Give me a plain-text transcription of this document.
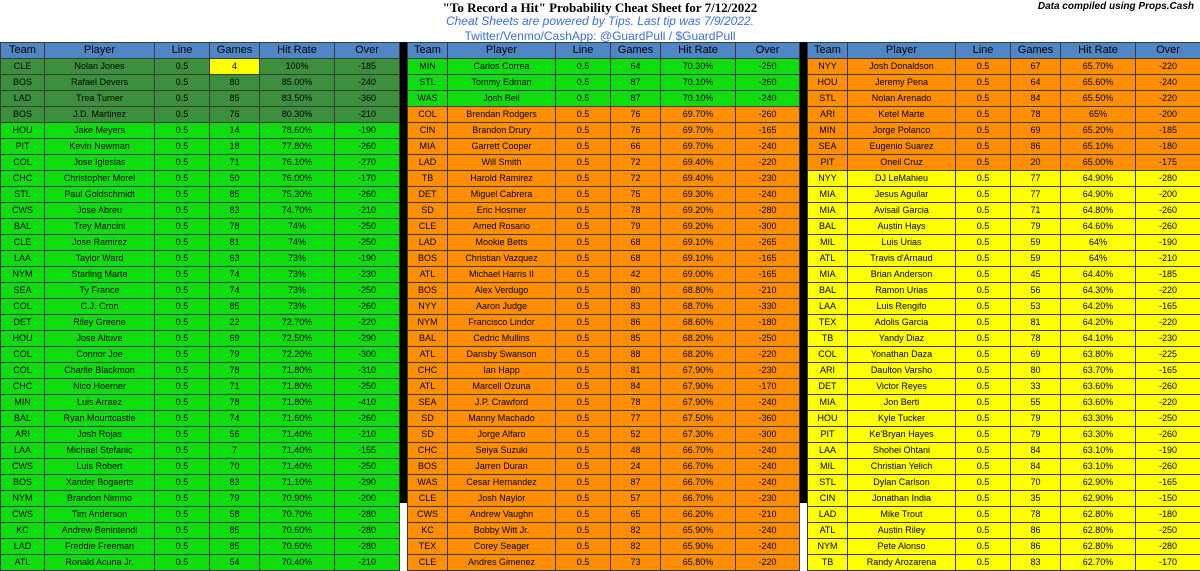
"To Record a Hit" Probability Cheat Sheet for 7/12/2022	Data compiled using Props.Cash
Cheat Sheets are powered by Tips. Last tip was 7/9/2022.
Twitter/Venmo/CashApp: @GuardPull / $GuardPull
Team	Player	Line	Games	Hit Rate	Over
CLE	Nolan Jones	0.5	4	100%	-185
BOS	Rafael Devers	0.5	80	85.00%	-240
LAD	Trea Turner	0.5	85	83.50%	-360
BOS	J.D. Martinez	0.5	76	80.30%	-210
HOU	Jake Meyers	0.5	14	78.60%	-190
PIT	Kevin Newman	0.5	18	77.80%	-260
COL	Jose Iglesias	0.5	71	76.10%	-270
CHC	Christopher Morel	0.5	50	76.00%	-170
STL	Paul Goldschmidt	0.5	85	75.30%	-260
CWS	Jose Abreu	0.5	83	74.70%	-210
BAL	Trey Mancini	0.5	78	74%	-250
CLE	Jose Ramirez	0.5	81	74%	-250
LAA	Taylor Ward	0.5	63	73%	-190
NYM	Starling Marte	0.5	74	73%	-230
SEA	Ty France	0.5	74	73%	-250
COL	C.J. Cron	0.5	85	73%	-260
DET	Riley Greene	0.5	22	72.70%	-220
HOU	Jose Altuve	0.5	69	72.50%	-290
COL	Connor Joe	0.5	79	72.20%	-300
COL	Charlie Blackmon	0.5	78	71.80%	-310
CHC	Nico Hoerner	0.5	71	71.80%	-250
MIN	Luis Arraez	0.5	78	71.80%	-410
BAL	Ryan Mountcastle	0.5	74	71.60%	-260
ARI	Josh Rojas	0.5	56	71.40%	-210
LAA	Michael Stefanic	0.5	7	71.40%	-155
CWS	Luis Robert	0.5	70	71.40%	-250
BOS	Xander Bogaerts	0.5	83	71.10%	-290
NYM	Brandon Nimmo	0.5	79	70.90%	-200
CWS	Tim Anderson	0.5	58	70.70%	-280
KC	Andrew Benintendi	0.5	85	70.60%	-280
LAD	Freddie Freeman	0.5	85	70.60%	-280
ATL	Ronald Acuna Jr.	0.5	54	70.40%	-210
Team	Player	Line	Games	Hit Rate	Over
MIN	Carlos Correa	0.5	64	70.30%	-250
STL	Tommy Edman	0.5	87	70.10%	-260
WAS	Josh Bell	0.5	87	70.10%	-240
COL	Brendan Rodgers	0.5	76	69.70%	-260
CIN	Brandon Drury	0.5	76	69.70%	-165
MIA	Garrett Cooper	0.5	66	69.70%	-240
LAD	Will Smith	0.5	72	69.40%	-220
TB	Harold Ramirez	0.5	72	69.40%	-230
DET	Miguel Cabrera	0.5	75	69.30%	-240
SD	Eric Hosmer	0.5	78	69.20%	-280
CLE	Amed Rosario	0.5	79	69.20%	-300
LAD	Mookie Betts	0.5	68	69.10%	-265
BOS	Christian Vazquez	0.5	68	69.10%	-165
ATL	Michael Harris II	0.5	42	69.00%	-165
BOS	Alex Verdugo	0.5	80	68.80%	-210
NYY	Aaron Judge	0.5	83	68.70%	-330
NYM	Francisco Lindor	0.5	86	68.60%	-180
BAL	Cedric Mullins	0.5	85	68.20%	-250
ATL	Dansby Swanson	0.5	88	68.20%	-220
CHC	Ian Happ	0.5	81	67.90%	-230
ATL	Marcell Ozuna	0.5	84	67.90%	-170
SEA	J.P. Crawford	0.5	78	67.90%	-240
SD	Manny Machado	0.5	77	67.50%	-360
SD	Jorge Alfaro	0.5	52	67.30%	-300
CHC	Seiya Suzuki	0.5	48	66.70%	-240
BOS	Jarren Duran	0.5	24	66.70%	-240
WAS	Cesar Hernandez	0.5	87	66.70%	-240
CLE	Josh Naylor	0.5	57	66.70%	-230
CWS	Andrew Vaughn	0.5	65	66.20%	-210
KC	Bobby Witt Jr.	0.5	82	65.90%	-240
TEX	Corey Seager	0.5	82	65.90%	-240
CLE	Andres Gimenez	0.5	73	65.80%	-220
Team	Player	Line	Games	Hit Rate	Over
NYY	Josh Donaldson	0.5	67	65.70%	-220
HOU	Jeremy Pena	0.5	64	65.60%	-240
STL	Nolan Arenado	0.5	84	65.50%	-220
ARI	Ketel Marte	0.5	78	65%	-200
MIN	Jorge Polanco	0.5	69	65.20%	-185
SEA	Eugenio Suarez	0.5	86	65.10%	-180
PIT	Oneil Cruz	0.5	20	65.00%	-175
NYY	DJ LeMahieu	0.5	77	64.90%	-280
MIA	Jesus Aguilar	0.5	77	64.90%	-200
MIA	Avisail Garcia	0.5	71	64.80%	-260
BAL	Austin Hays	0.5	79	64.60%	-260
MIL	Luis Urias	0.5	59	64%	-190
ATL	Travis d'Arnaud	0.5	59	64%	-210
MIA	Brian Anderson	0.5	45	64.40%	-185
BAL	Ramon Urias	0.5	56	64.30%	-220
LAA	Luis Rengifo	0.5	53	64.20%	-165
TEX	Adolis Garcia	0.5	81	64.20%	-220
TB	Yandy Diaz	0.5	78	64.10%	-230
COL	Yonathan Daza	0.5	69	63.80%	-225
ARI	Daulton Varsho	0.5	80	63.70%	-165
DET	Victor Reyes	0.5	33	63.60%	-260
MIA	Jon Berti	0.5	55	63.60%	-220
HOU	Kyle Tucker	0.5	79	63.30%	-250
PIT	Ke'Bryan Hayes	0.5	79	63.30%	-260
LAA	Shohei Ohtani	0.5	84	63.10%	-190
MIL	Christian Yelich	0.5	84	63.10%	-260
STL	Dylan Carlson	0.5	70	62.90%	-165
CIN	Jonathan India	0.5	35	62.90%	-150
LAD	Mike Trout	0.5	78	62.80%	-180
ATL	Austin Riley	0.5	86	62.80%	-250
NYM	Pete Alonso	0.5	86	62.80%	-280
TB	Randy Arozarena	0.5	83	62.70%	-170
